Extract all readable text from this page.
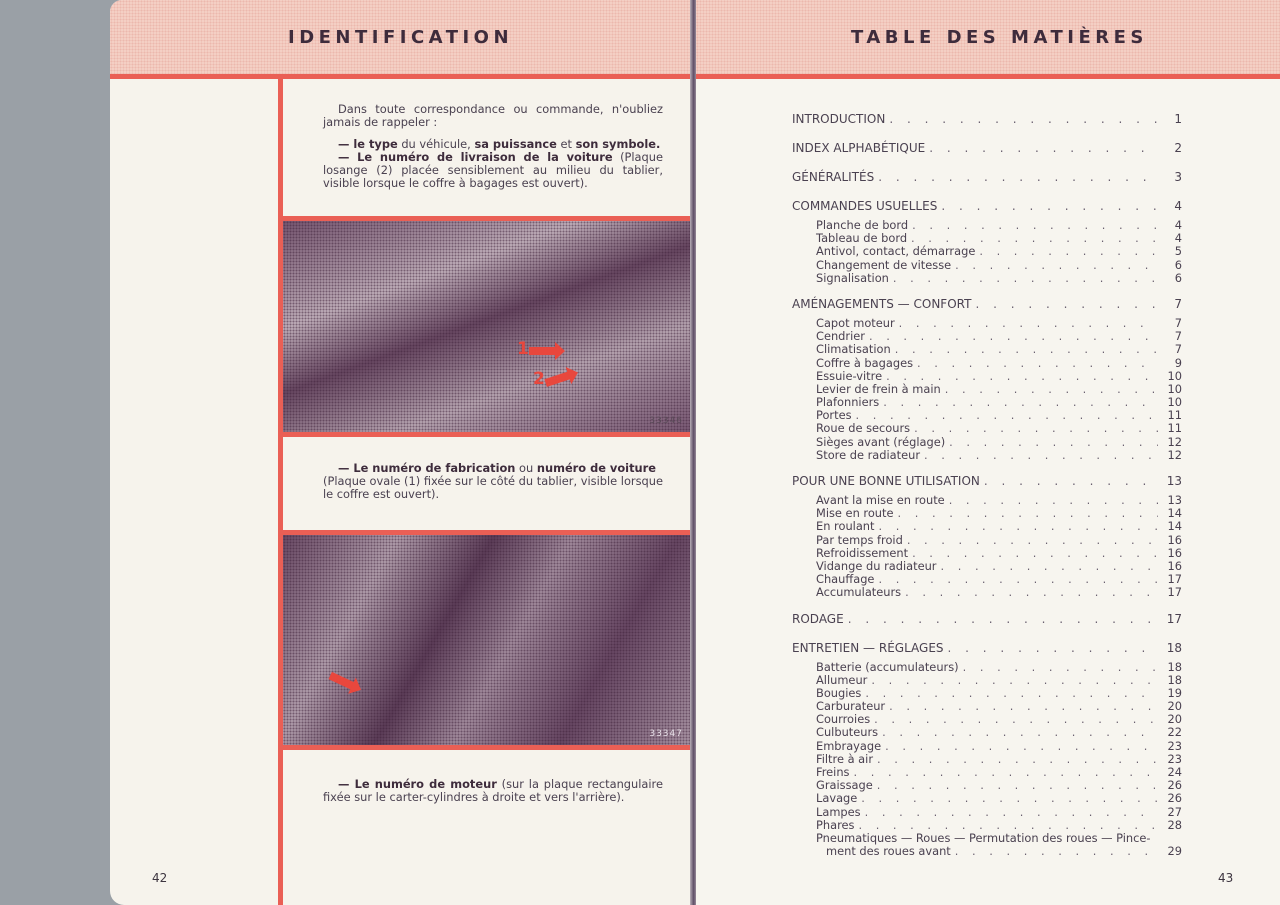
IDENTIFICATION

Dans toute correspondance ou commande, n'oubliez jamais de rappeler :

— le type du véhicule, sa puissance et son symbole.

— Le numéro de livraison de la voiture (Plaque losange (2) placée sensiblement au milieu du tablier, visible lorsque le coffre à bagages est ouvert).

1
2
33346

— Le numéro de fabrication ou numéro de voiture

(Plaque ovale (1) fixée sur le côté du tablier, visible lorsque le coffre est ouvert).

33347

— Le numéro de moteur (sur la plaque rectangulaire fixée sur le carter-cylindres à droite et vers l'arrière).

42
TABLE DES MATIÈRES
INTRODUCTION . . .	1
INDEX ALPHABÉTIQUE . . .	2
GÉNÉRALITÉS . . .	3
COMMANDES USUELLES . . .	4
Planche de bord . . .	4
Tableau de bord . . .	4
Antivol, contact, démarrage . . .	5
Changement de vitesse . . .	6
Signalisation . . .	6
AMÉNAGEMENTS — CONFORT . . .	7
Capot moteur . . .	7
Cendrier . . .	7
Climatisation . . .	7
Coffre à bagages . . .	9
Essuie-vitre . . .	10
Levier de frein à main . . .	10
Plafonniers . . .	10
Portes . . .	11
Roue de secours . . .	11
Sièges avant (réglage) . . .	12
Store de radiateur . . .	12
POUR UNE BONNE UTILISATION . . .	13
Avant la mise en route . . .	13
Mise en route . . .	14
En roulant . . .	14
Par temps froid . . .	16
Refroidissement . . .	16
Vidange du radiateur . . .	16
Chauffage . . .	17
Accumulateurs . . .	17
RODAGE . . .	17
ENTRETIEN — RÉGLAGES . . .	18
Batterie (accumulateurs) . . .	18
Allumeur . . .	18
Bougies . . .	19
Carburateur . . .	20
Courroies . . .	20
Culbuteurs . . .	22
Embrayage . . .	23
Filtre à air . . .	23
Freins . . .	24
Graissage . . .	26
Lavage . . .	26
Lampes . . .	27
Phares . . .	28
Pneumatiques — Roues — Permutation des roues — Pince-
ment des roues avant . . .	29
43
